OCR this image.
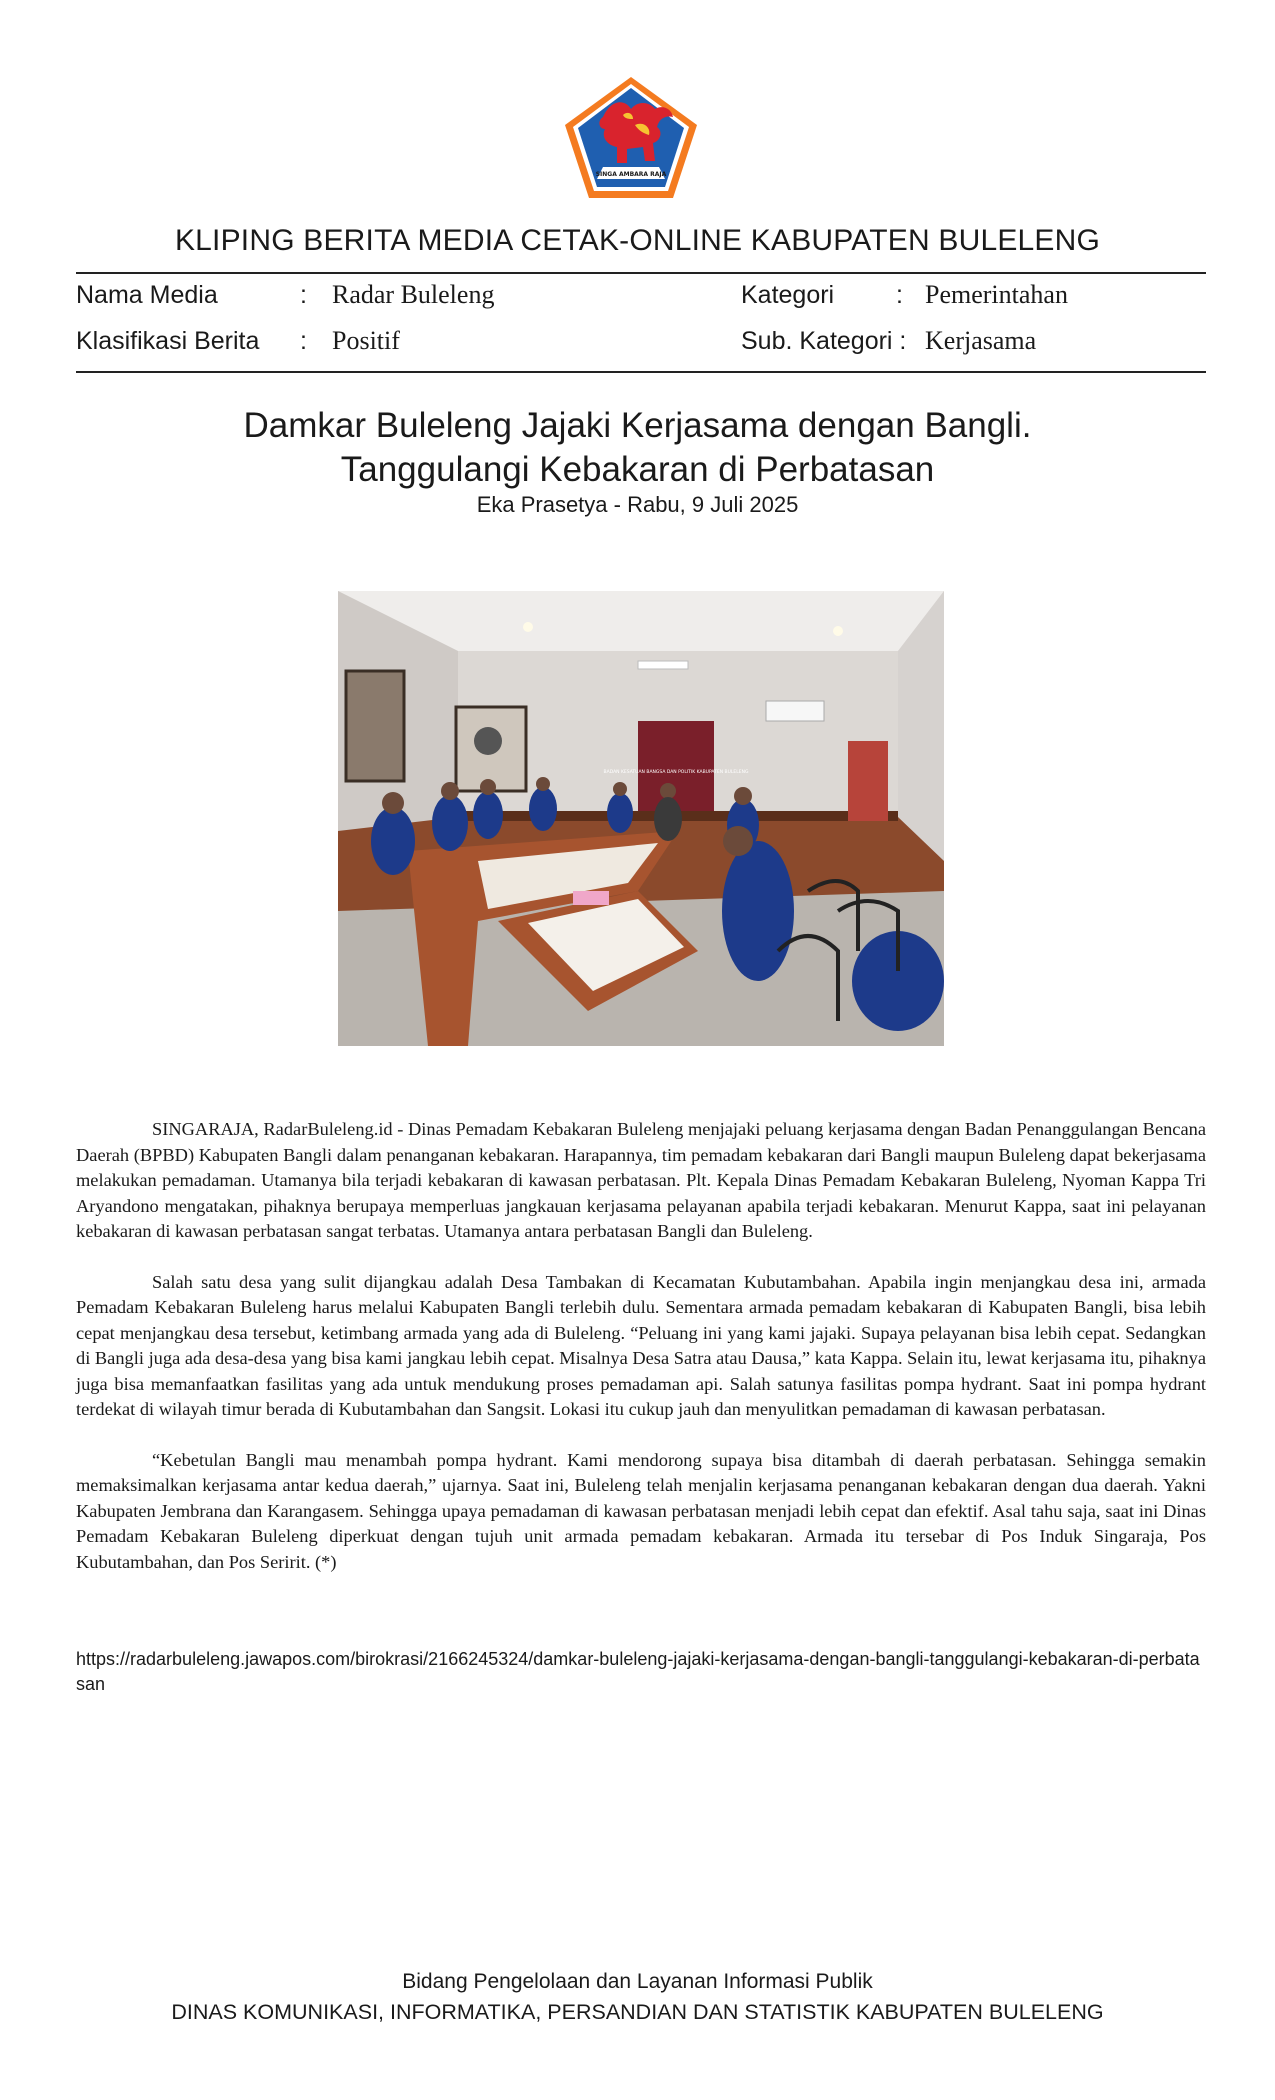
SINGA AMBARA RAJA
KLIPING BERITA MEDIA CETAK-ONLINE KABUPATEN BULELENG
Nama Media	: Radar Buleleng	Kategori : Pemerintahan
Klasifikasi Berita : Positif	Sub. Kategori : Kerjasama
Damkar Buleleng Jajaki Kerjasama dengan Bangli.
Tanggulangi Kebakaran di Perbatasan
Eka Prasetya - Rabu, 9 Juli 2025
BADAN KESATUAN BANGSA DAN POLITIK KABUPATEN BULELENG

SINGARAJA, RadarBuleleng.id - Dinas Pemadam Kebakaran Buleleng menjajaki peluang kerjasama dengan Badan Penanggulangan Bencana Daerah (BPBD) Kabupaten Bangli dalam penanganan kebakaran. Harapannya, tim pemadam kebakaran dari Bangli maupun Buleleng dapat bekerjasama melakukan pemadaman. Utamanya bila terjadi kebakaran di kawasan perbatasan. Plt. Kepala Dinas Pemadam Kebakaran Buleleng, Nyoman Kappa Tri Aryandono mengatakan, pihaknya berupaya memperluas jangkauan kerjasama pelayanan apabila terjadi kebakaran. Menurut Kappa, saat ini pelayanan kebakaran di kawasan perbatasan sangat terbatas. Utamanya antara perbatasan Bangli dan Buleleng.

Salah satu desa yang sulit dijangkau adalah Desa Tambakan di Kecamatan Kubutambahan. Apabila ingin menjangkau desa ini, armada Pemadam Kebakaran Buleleng harus melalui Kabupaten Bangli terlebih dulu. Sementara armada pemadam kebakaran di Kabupaten Bangli, bisa lebih cepat menjangkau desa tersebut, ketimbang armada yang ada di Buleleng. “Peluang ini yang kami jajaki. Supaya pelayanan bisa lebih cepat. Sedangkan di Bangli juga ada desa-desa yang bisa kami jangkau lebih cepat. Misalnya Desa Satra atau Dausa,” kata Kappa. Selain itu, lewat kerjasama itu, pihaknya juga bisa memanfaatkan fasilitas yang ada untuk mendukung proses pemadaman api. Salah satunya fasilitas pompa hydrant. Saat ini pompa hydrant terdekat di wilayah timur berada di Kubutambahan dan Sangsit. Lokasi itu cukup jauh dan menyulitkan pemadaman di kawasan perbatasan.

“Kebetulan Bangli mau menambah pompa hydrant. Kami mendorong supaya bisa ditambah di daerah perbatasan. Sehingga semakin memaksimalkan kerjasama antar kedua daerah,” ujarnya. Saat ini, Buleleng telah menjalin kerjasama penanganan kebakaran dengan dua daerah. Yakni Kabupaten Jembrana dan Karangasem. Sehingga upaya pemadaman di kawasan perbatasan menjadi lebih cepat dan efektif. Asal tahu saja, saat ini Dinas Pemadam Kebakaran Buleleng diperkuat dengan tujuh unit armada pemadam kebakaran. Armada itu tersebar di Pos Induk Singaraja, Pos Kubutambahan, dan Pos Seririt. (*)

https://radarbuleleng.jawapos.com/birokrasi/2166245324/damkar-buleleng-jajaki-kerjasama-dengan-bangli-tanggulangi-kebakaran-di-perbatasan
Bidang Pengelolaan dan Layanan Informasi Publik
DINAS KOMUNIKASI, INFORMATIKA, PERSANDIAN DAN STATISTIK KABUPATEN BULELENG
